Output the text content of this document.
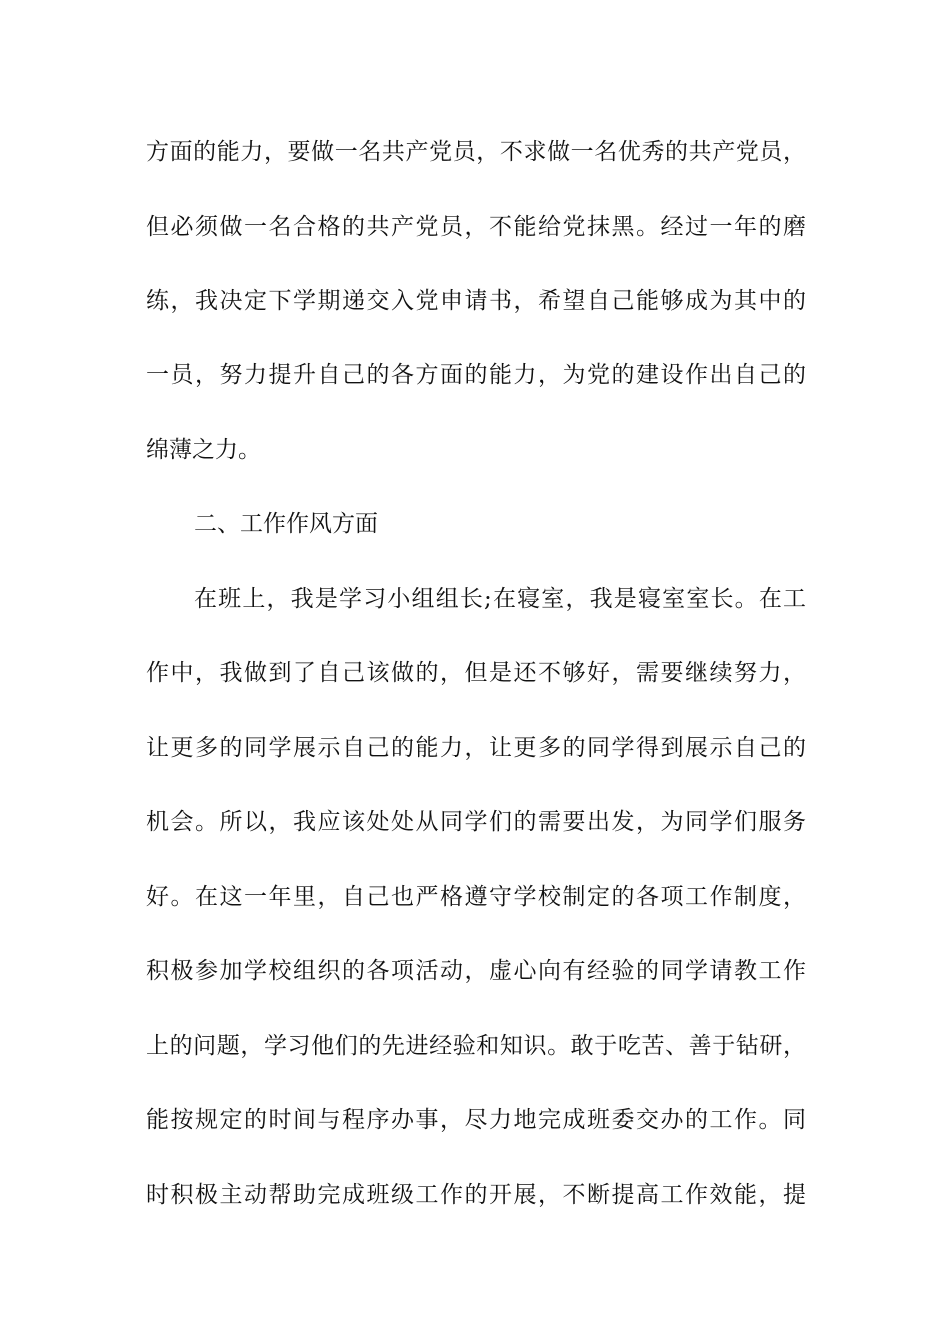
方面的能力，要做一名共产党员，不求做一名优秀的共产党员，
但必须做一名合格的共产党员，不能给党抹黑。经过一年的磨
练，我决定下学期递交入党申请书，希望自己能够成为其中的
一员，努力提升自己的各方面的能力，为党的建设作出自己的
绵薄之力。
二、工作作风方面
在班上，我是学习小组组长;在寝室，我是寝室室长。在工
作中，我做到了自己该做的，但是还不够好，需要继续努力，
让更多的同学展示自己的能力，让更多的同学得到展示自己的
机会。所以，我应该处处从同学们的需要出发，为同学们服务
好。在这一年里，自己也严格遵守学校制定的各项工作制度，
积极参加学校组织的各项活动，虚心向有经验的同学请教工作
上的问题，学习他们的先进经验和知识。敢于吃苦、善于钻研，
能按规定的时间与程序办事，尽力地完成班委交办的工作。同
时积极主动帮助完成班级工作的开展，不断提高工作效能，提
